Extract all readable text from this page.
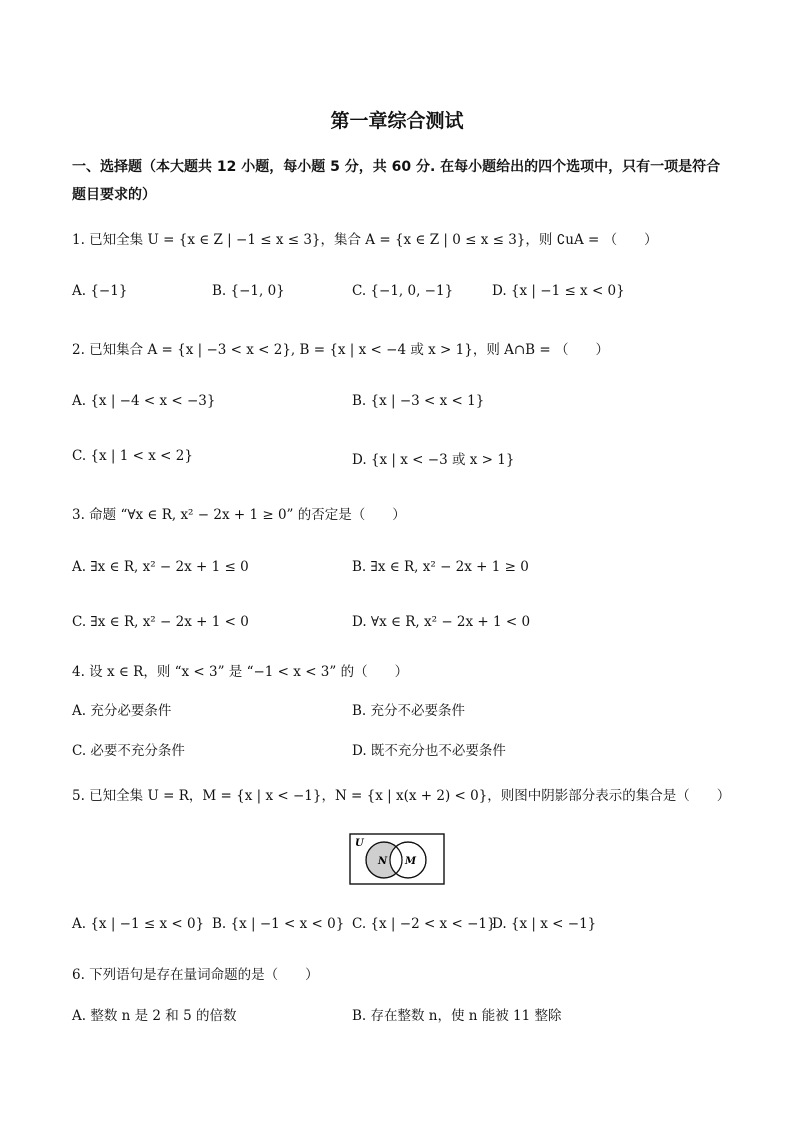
第一章综合测试
一、选择题（本大题共 12 小题，每小题 5 分，共 60 分. 在每小题给出的四个选项中，只有一项是符合题目要求的）
1. 已知全集 U = {x ∈ Z | −1 ≤ x ≤ 3}，集合 A = {x ∈ Z | 0 ≤ x ≤ 3}，则 ∁uA = （　　）
A. {−1}	B. {−1, 0}	C. {−1, 0, −1}	D. {x | −1 ≤ x < 0}
2. 已知集合 A = {x | −3 < x < 2}, B = {x | x < −4 或 x > 1}，则 A∩B = （　　）
A. {x | −4 < x < −3}	B. {x | −3 < x < 1}
C. {x | 1 < x < 2}	D. {x | x < −3 或 x > 1}
3. 命题 “∀x ∈ R, x² − 2x + 1 ≥ 0” 的否定是（　　）
A. ∃x ∈ R, x² − 2x + 1 ≤ 0	B. ∃x ∈ R, x² − 2x + 1 ≥ 0
C. ∃x ∈ R, x² − 2x + 1 < 0	D. ∀x ∈ R, x² − 2x + 1 < 0
4. 设 x ∈ R，则 “x < 3” 是 “−1 < x < 3” 的（　　）
A. 充分必要条件	B. 充分不必要条件
C. 必要不充分条件	D. 既不充分也不必要条件
5. 已知全集 U = R，M = {x | x < −1}，N = {x | x(x + 2) < 0}，则图中阴影部分表示的集合是（　　）
U
N M
A. {x | −1 ≤ x < 0} B. {x | −1 < x < 0} C. {x | −2 < x < −1}
D. {x | x < −1}
6. 下列语句是存在量词命题的是（　　）
A. 整数 n 是 2 和 5 的倍数	B. 存在整数 n，使 n 能被 11 整除
